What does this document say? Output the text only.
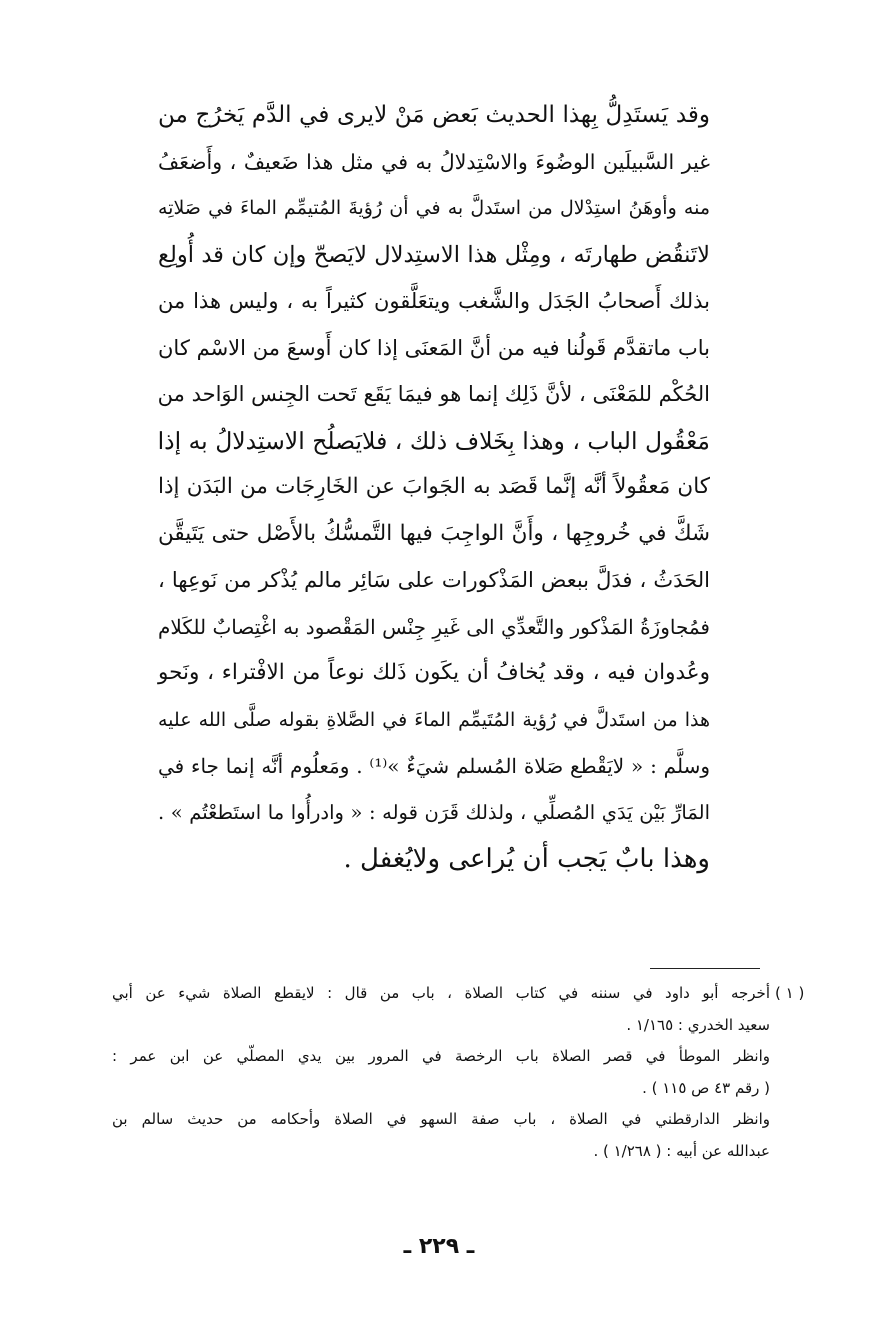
وقد يَستَدِلُّ بِهذا الحديث بَعض مَنْ لايرى في الدَّم يَخرُج من
غير السَّبيلَين الوضُوءَ والاسْتِدلالُ به في مثل هذا ضَعيفٌ ، وأَضعَفُ
منه وأوهَنُ استِدْلال من استَدلَّ به في أن رُؤيةَ المُتيمِّم الماءَ في صَلاتِه
لاتَنقُض طهارتَه ، ومِثْل هذا الاستِدلال لايَصحّ وإن كان قد أُولِع
بذلك أَصحابُ الجَدَل والشَّغب ويتعَلَّقون كثيراً به ، وليس هذا من
باب ماتقدَّم قَولُنا فيه من أنَّ المَعنَى إذا كان أَوسعَ من الاسْم كان
الحُكْم للمَعْنَى ، لأنَّ ذَلِك إنما هو فيمَا يَقَع تَحت الجِنس الوَاحد من
مَعْقُول الباب ، وهذا بِخَلاف ذلك ، فلايَصلُح الاستِدلالُ به إذا
كان مَعقُولاً أنَّه إنَّما قَصَد به الجَوابَ عن الخَارِجَات من البَدَن إذا
شَكَّ في خُروجِها ، وأَنَّ الواجِبَ فيها التَّمسُّكُ بالأَصْل حتى يَتَيقَّن
الحَدَثُ ، فدَلَّ ببعض المَذْكورات على سَائِر مالم يُذْكر من نَوعِها ،
فمُجاوزَةُ المَذْكور والتَّعدِّي الى غَيرِ جِنْس المَقْصود به اغْتِصابٌ للكَلام
وعُدوان فيه ، وقد يُخافُ أن يكَون ذَلك نوعاً من الافْتراء ، ونَحو
هذا من استَدلَّ في رُؤية المُتَيمِّم الماءَ في الصَّلاةِ بقوله صلَّى الله عليه
وسلَّم : « لايَقْطع صَلاة المُسلم شيَءٌ »⁽¹⁾ . ومَعلُوم أنَّه إنما جاء في
المَارِّ بَيْن يَدَي المُصلِّي ، ولذلك قَرَن قوله : « وادرأُوا ما استَطعْتُم » .
وهذا بابٌ يَجب أن يُراعى ولايُغفل .
( ١ )
أخرجه أبو داود في سننه في كتاب الصلاة ، باب من قال : لايقطع الصلاة شيء عن أبي
سعيد الخدري : ١/١٦٥ .
وانظر الموطأ في قصر الصلاة باب الرخصة في المرور بين يدي المصلّي عن ابن عمر :
( رقم ٤٣ ص ١١٥ ) .
وانظر الدارقطني في الصلاة ، باب صفة السهو في الصلاة وأحكامه من حديث سالم بن
عبدالله عن أبيه : ( ١/٢٦٨ ) .
ـ ٢٢٩ ـ
